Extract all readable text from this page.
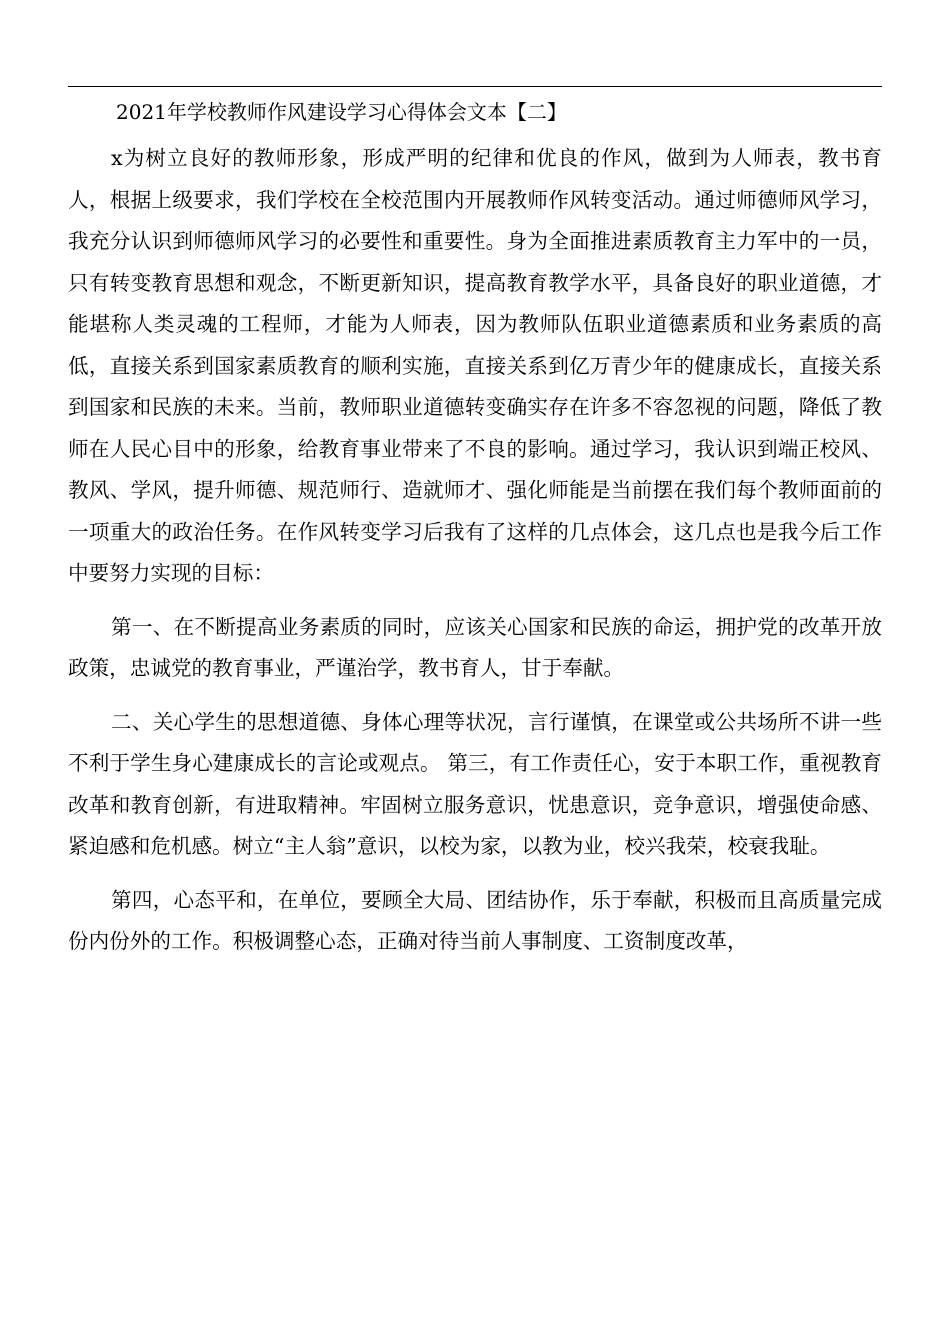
2021年学校教师作风建设学习心得体会文本【二】

x为树立良好的教师形象，形成严明的纪律和优良的作风，做到为人师表，教书育人，根据上级要求，我们学校在全校范围内开展教师作风转变活动。通过师德师风学习，我充分认识到师德师风学习的必要性和重要性。身为全面推进素质教育主力军中的一员，只有转变教育思想和观念，不断更新知识，提高教育教学水平，具备良好的职业道德，才能堪称人类灵魂的工程师，才能为人师表，因为教师队伍职业道德素质和业务素质的高低，直接关系到国家素质教育的顺利实施，直接关系到亿万青少年的健康成长，直接关系到国家和民族的未来。当前，教师职业道德转变确实存在许多不容忽视的问题，降低了教师在人民心目中的形象，给教育事业带来了不良的影响。通过学习，我认识到端正校风、教风、学风，提升师德、规范师行、造就师才、强化师能是当前摆在我们每个教师面前的一项重大的政治任务。在作风转变学习后我有了这样的几点体会，这几点也是我今后工作中要努力实现的目标：

第一、在不断提高业务素质的同时，应该关心国家和民族的命运，拥护党的改革开放政策，忠诚党的教育事业，严谨治学，教书育人，甘于奉献。

二、关心学生的思想道德、身体心理等状况，言行谨慎，在课堂或公共场所不讲一些不利于学生身心建康成长的言论或观点。 第三，有工作责任心，安于本职工作，重视教育改革和教育创新，有进取精神。牢固树立服务意识，忧患意识，竞争意识，增强使命感、紧迫感和危机感。树立“主人翁”意识，以校为家，以教为业，校兴我荣，校衰我耻。

第四，心态平和，在单位，要顾全大局、团结协作，乐于奉献，积极而且高质量完成份内份外的工作。积极调整心态，正确对待当前人事制度、工资制度改革，
